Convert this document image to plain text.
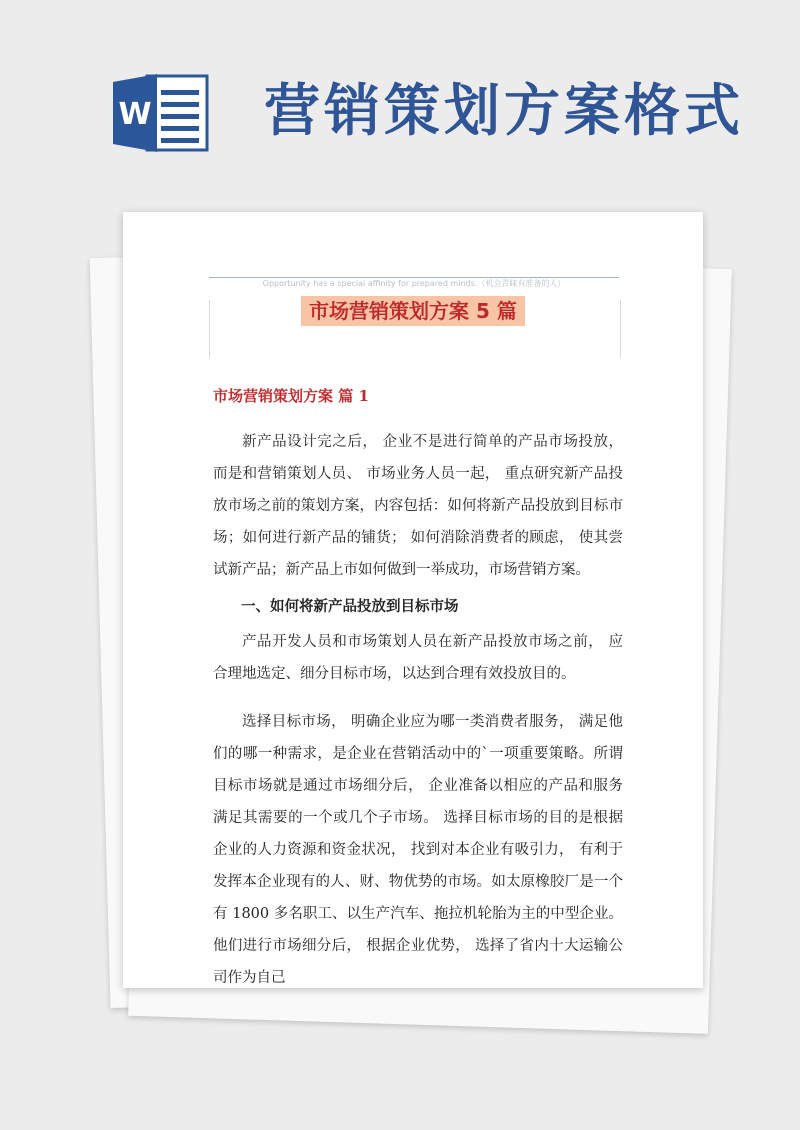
W 营销策划方案格式
Opportunity has a special affinity for prepared minds.（机会青睐有准备的人）
市场营销策划方案 5 篇
市场营销策划方案 篇 1

新产品设计完之后， 企业不是进行简单的产品市场投放， 而是和营销策划人员、 市场业务人员一起， 重点研究新产品投放市场之前的策划方案，内容包括：如何将新产品投放到目标市场；如何进行新产品的铺货； 如何消除消费者的顾虑， 使其尝试新产品；新产品上市如何做到一举成功，市场营销方案。

一、如何将新产品投放到目标市场

产品开发人员和市场策划人员在新产品投放市场之前， 应合理地选定、细分目标市场，以达到合理有效投放目的。

选择目标市场， 明确企业应为哪一类消费者服务， 满足他们的哪一种需求，是企业在营销活动中的`一项重要策略。所谓目标市场就是通过市场细分后， 企业准备以相应的产品和服务满足其需要的一个或几个子市场。 选择目标市场的目的是根据企业的人力资源和资金状况， 找到对本企业有吸引力， 有利于发挥本企业现有的人、财、物优势的市场。如太原橡胶厂是一个有 1800 多名职工、以生产汽车、拖拉机轮胎为主的中型企业。他们进行市场细分后， 根据企业优势， 选择了省内十大运输公司作为自己
